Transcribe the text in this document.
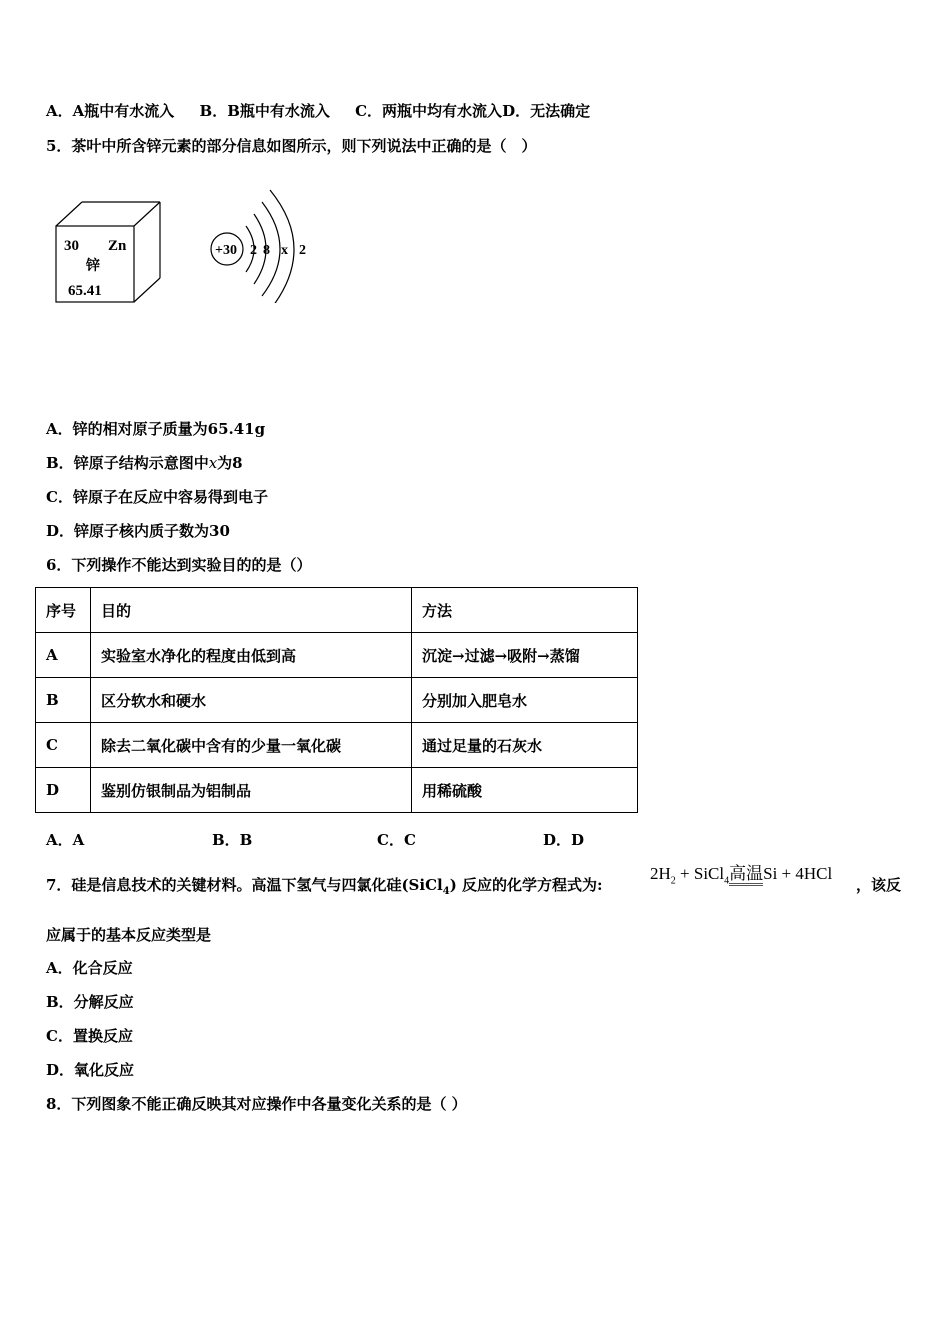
A．A瓶中有水流入 B．B瓶中有水流入 C．两瓶中均有水流入D．无法确定
5．茶叶中所含锌元素的部分信息如图所示，则下列说法中正确的是（　）
30 Zn
锌
65.41
+30 2 8 x 2
A．锌的相对原子质量为65.41g
B．锌原子结构示意图中x为8
C．锌原子在反应中容易得到电子
D．锌原子核内质子数为30
6．下列操作不能达到实验目的的是（）
序号	目的	方法
A	实验室水净化的程度由低到高	沉淀→过滤→吸附→蒸馏
B	区分软水和硬水	分别加入肥皂水
C	除去二氧化碳中含有的少量一氧化碳	通过足量的石灰水
D	鉴别仿银制品为铝制品	用稀硫酸
A．A	B．B	C．C	D．D
7．硅是信息技术的关键材料。高温下氢气与四氯化硅(SiCl$_4$) 反应的化学方程式为:
$2H_2$ + SiCl$_4$高温Si + 4HCl
，该反
应属于的基本反应类型是
A．化合反应
B．分解反应
C．置换反应
D．氧化反应
8．下列图象不能正确反映其对应操作中各量变化关系的是（ ）
